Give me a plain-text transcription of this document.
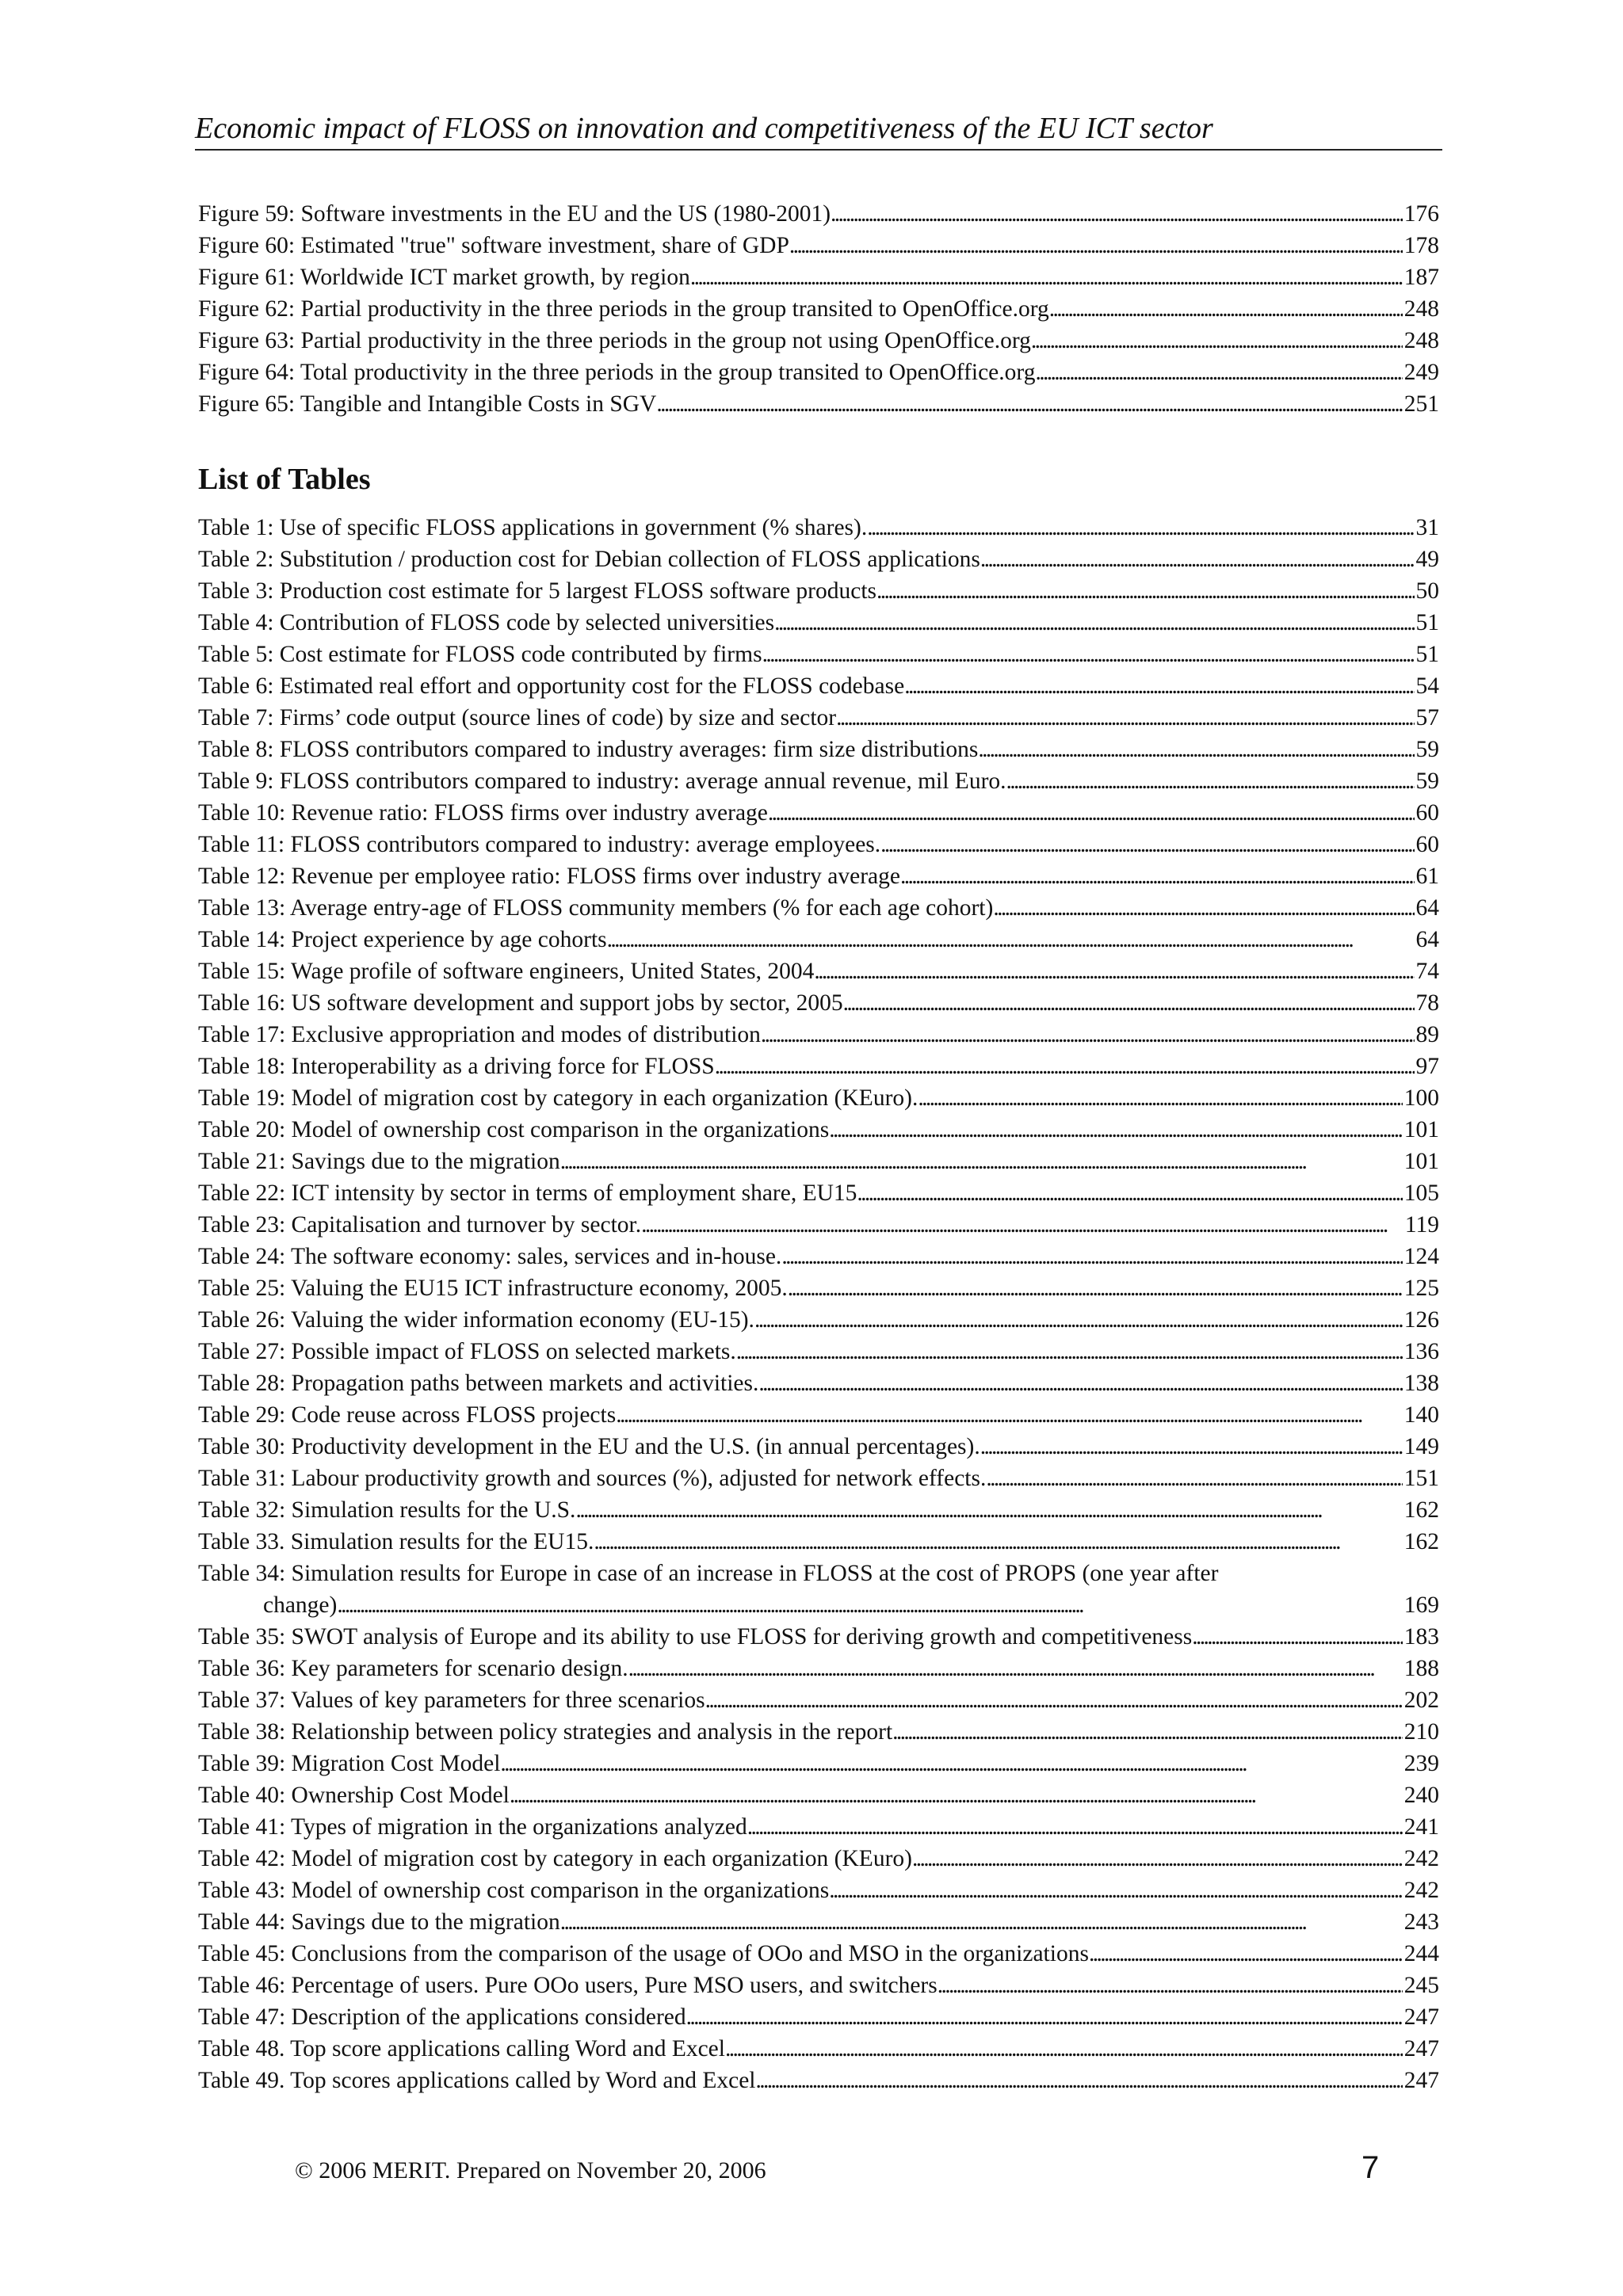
Economic impact of FLOSS on innovation and competitiveness of the EU ICT sector
Figure 59: Software investments in the EU and the US (1980-2001) . . .	176
Figure 60: Estimated "true" software investment, share of GDP . . .	178
Figure 61: Worldwide ICT market growth, by region . . .	187
Figure 62: Partial productivity in the three periods in the group transited to OpenOffice.org . . .	248
Figure 63: Partial productivity in the three periods in the group not using OpenOffice.org . . .	248
Figure 64: Total productivity in the three periods in the group transited to OpenOffice.org . . .	249
Figure 65: Tangible and Intangible Costs in SGV . . .	251
List of Tables
Table 1: Use of specific FLOSS applications in government (% shares). . . .	31
Table 2: Substitution / production cost for Debian collection of FLOSS applications . . .	49
Table 3: Production cost estimate for 5 largest FLOSS software products . . .	50
Table 4: Contribution of FLOSS code by selected universities . . .	51
Table 5: Cost estimate for FLOSS code contributed by firms . . .	51
Table 6: Estimated real effort and opportunity cost for the FLOSS codebase . . .	54
Table 7: Firms’ code output (source lines of code) by size and sector . . .	57
Table 8: FLOSS contributors compared to industry averages: firm size distributions . . .	59
Table 9: FLOSS contributors compared to industry: average annual revenue, mil Euro. . . .	59
Table 10: Revenue ratio: FLOSS firms over industry average . . .	60
Table 11: FLOSS contributors compared to industry: average employees. . . .	60
Table 12: Revenue per employee ratio: FLOSS firms over industry average . . .	61
Table 13: Average entry-age of FLOSS community members (% for each age cohort) . . .	64
Table 14: Project experience by age cohorts . . .	64
Table 15: Wage profile of software engineers, United States, 2004 . . .	74
Table 16: US software development and support jobs by sector, 2005 . . .	78
Table 17: Exclusive appropriation and modes of distribution . . .	89
Table 18: Interoperability as a driving force for FLOSS . . .	97
Table 19: Model of migration cost by category in each organization (KEuro). . . .	100
Table 20: Model of ownership cost comparison in the organizations . . .	101
Table 21: Savings due to the migration . . .	101
Table 22: ICT intensity by sector in terms of employment share, EU15 . . .	105
Table 23: Capitalisation and turnover by sector. . . .	119
Table 24: The software economy: sales, services and in-house. . . .	124
Table 25: Valuing the EU15 ICT infrastructure economy, 2005. . . .	125
Table 26: Valuing the wider information economy (EU-15). . . .	126
Table 27: Possible impact of FLOSS on selected markets. . . .	136
Table 28: Propagation paths between markets and activities. . . .	138
Table 29: Code reuse across FLOSS projects . . .	140
Table 30: Productivity development in the EU and the U.S. (in annual percentages). . . .	149
Table 31: Labour productivity growth and sources (%), adjusted for network effects. . . .	151
Table 32: Simulation results for the U.S. . . .	162
Table 33. Simulation results for the EU15. . . .	162
Table 34: Simulation results for Europe in case of an increase in FLOSS at the cost of PROPS (one year after
change) . . .	169
Table 35: SWOT analysis of Europe and its ability to use FLOSS for deriving growth and competitiveness . . .	183
Table 36: Key parameters for scenario design. . . .	188
Table 37: Values of key parameters for three scenarios . . .	202
Table 38: Relationship between policy strategies and analysis in the report . . .	210
Table 39: Migration Cost Model . . .	239
Table 40: Ownership Cost Model . . .	240
Table 41: Types of migration in the organizations analyzed . . .	241
Table 42: Model of migration cost by category in each organization (KEuro) . . .	242
Table 43: Model of ownership cost comparison in the organizations . . .	242
Table 44: Savings due to the migration . . .	243
Table 45: Conclusions from the comparison of the usage of OOo and MSO in the organizations . . .	244
Table 46: Percentage of users. Pure OOo users, Pure MSO users, and switchers . . .	245
Table 47: Description of the applications considered . . .	247
Table 48. Top score applications calling Word and Excel . . .	247
Table 49. Top scores applications called by Word and Excel . . .	247
© 2006 MERIT. Prepared on November 20, 2006	7
